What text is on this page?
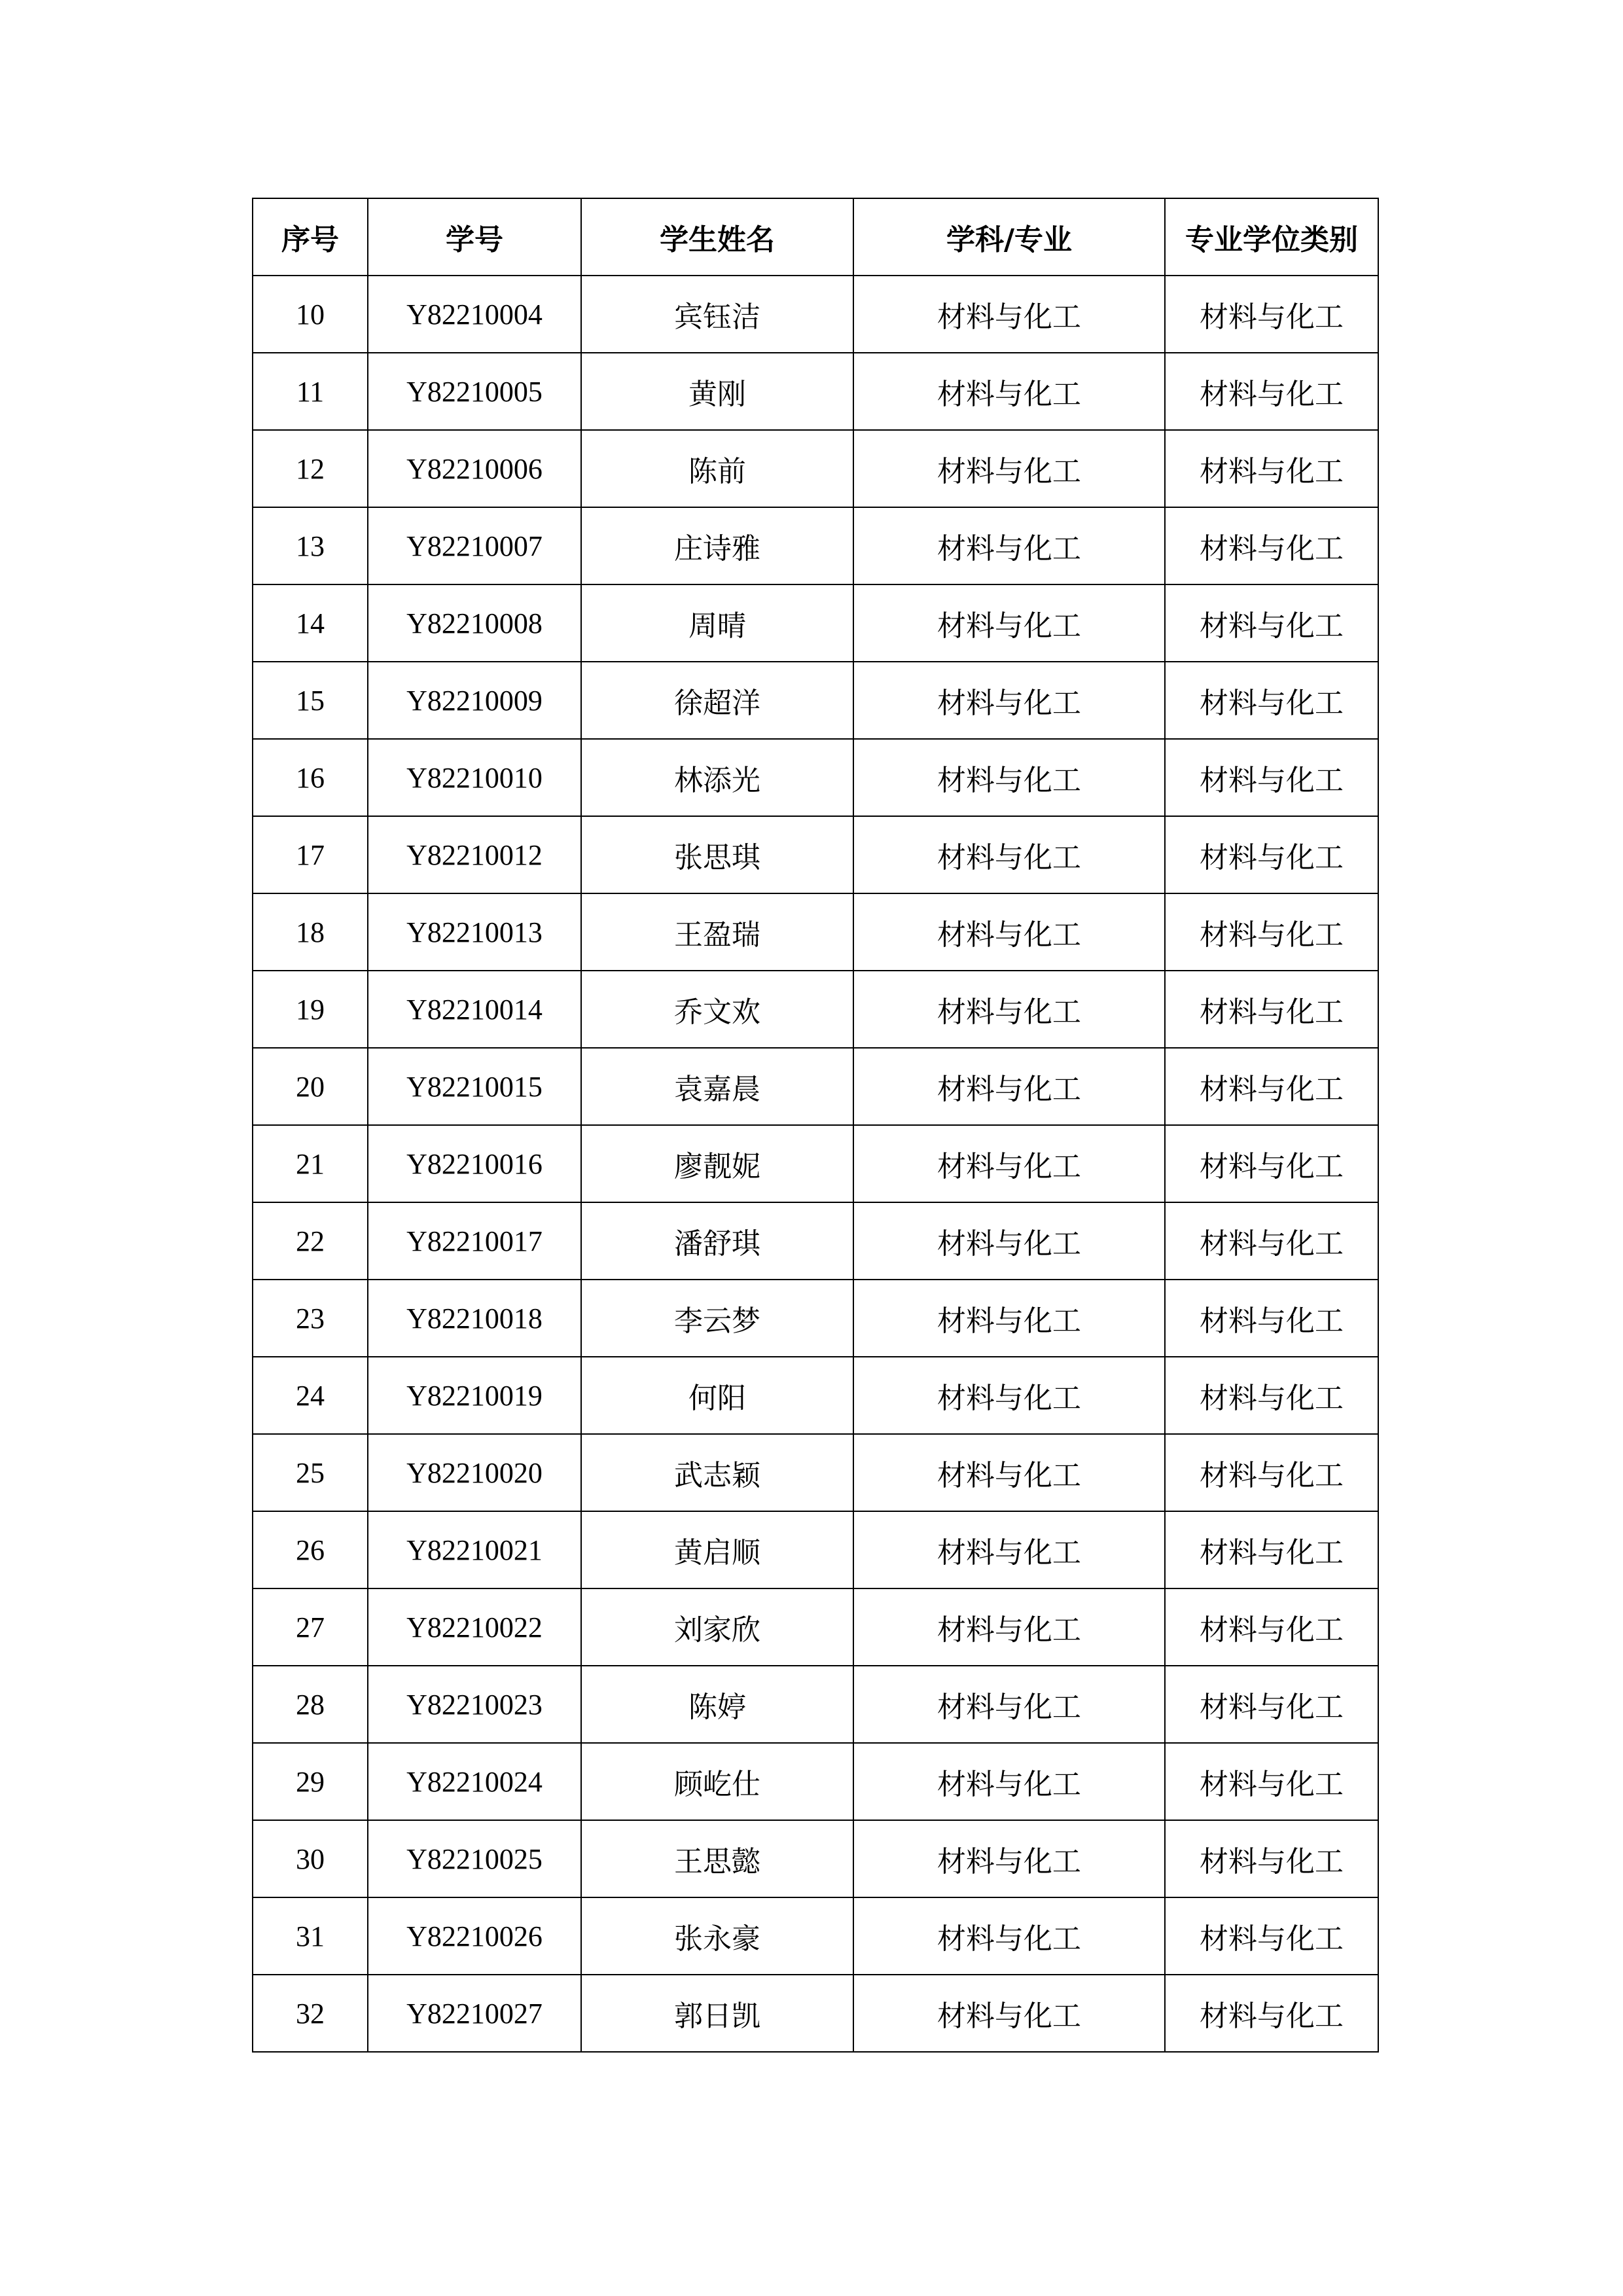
序号	学号	学生姓名	学科/专业	专业学位类别
10	Y82210004	宾钰洁	材料与化工	材料与化工
11	Y82210005	黄刚	材料与化工	材料与化工
12	Y82210006	陈前	材料与化工	材料与化工
13	Y82210007	庄诗雅	材料与化工	材料与化工
14	Y82210008	周晴	材料与化工	材料与化工
15	Y82210009	徐超洋	材料与化工	材料与化工
16	Y82210010	林添光	材料与化工	材料与化工
17	Y82210012	张思琪	材料与化工	材料与化工
18	Y82210013	王盈瑞	材料与化工	材料与化工
19	Y82210014	乔文欢	材料与化工	材料与化工
20	Y82210015	袁嘉晨	材料与化工	材料与化工
21	Y82210016	廖靓妮	材料与化工	材料与化工
22	Y82210017	潘舒琪	材料与化工	材料与化工
23	Y82210018	李云梦	材料与化工	材料与化工
24	Y82210019	何阳	材料与化工	材料与化工
25	Y82210020	武志颖	材料与化工	材料与化工
26	Y82210021	黄启顺	材料与化工	材料与化工
27	Y82210022	刘家欣	材料与化工	材料与化工
28	Y82210023	陈婷	材料与化工	材料与化工
29	Y82210024	顾屹仕	材料与化工	材料与化工
30	Y82210025	王思懿	材料与化工	材料与化工
31	Y82210026	张永豪	材料与化工	材料与化工
32	Y82210027	郭日凯	材料与化工	材料与化工
